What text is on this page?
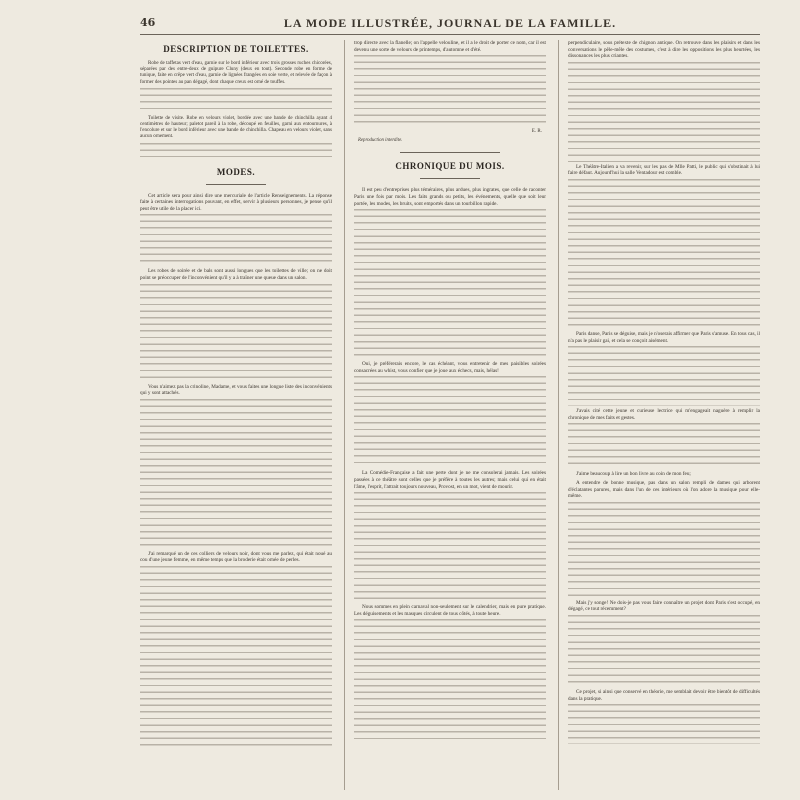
46	LA MODE ILLUSTRÉE, JOURNAL DE LA FAMILLE.
DESCRIPTION DE TOILETTES.

Robe de taffetas vert d'eau, garnie sur le bord inférieur avec trois grosses ruches chicorées, séparées par des entre-deux de guipure Cluny (deux en tout). Seconde robe en forme de tunique, faite en crêpe vert d'eau, garnie de lignées frangées en soie verte, et relevée de façon à former des pointes au pan dégagé, dont chaque creux est orné de touffes.

Toilette de visite. Robe en velours violet, bordée avec une bande de chinchilla ayant 4 centimètres de hauteur; paletot pareil à la robe, découpé en feuilles, garni aux entournures, à l'encolure et sur le bord inférieur avec une bande de chinchilla. Chapeau en velours violet, sans aucun ornement.

MODES.

Cet article sera pour ainsi dire une mercuriale de l'article Renseignements. La réponse faite à certaines interrogations pouvant, en effet, servir à plusieurs personnes, je pense qu'il peut être utile de la placer ici.

Les robes de soirée et de bals sont aussi longues que les toilettes de ville; on ne doit point se préoccuper de l'inconvénient qu'il y a à traîner une queue dans un salon.

Vous n'aimez pas la crinoline, Madame, et vous faites une longue liste des inconvénients qui y sont attachés.

J'ai remarqué un de ces colliers de velours noir, dont vous me parlez, qui était noué au cou d'une jeune femme, en même temps que la broderie était ornée de perles.

trop directe avec la flanelle; on l'appelle velouline, et il a le droit de porter ce nom, car il est devenu une sorte de velours de printemps, d'automne et d'été.

E. R.
Reproduction interdite.
CHRONIQUE DU MOIS.

Il est peu d'entreprises plus téméraires, plus ardues, plus ingrates, que celle de raconter Paris une fois par mois. Les faits grands ou petits, les événements, quelle que soit leur portée, les modes, les bruits, sont emportés dans un tourbillon rapide.

Oui, je préférerais encore, le cas échéant, vous entretenir de mes paisibles soirées consacrées au whist, vous confier que je joue aux échecs, mais, hélas!

La Comédie-Française a fait une perte dont je ne me consolerai jamais. Les soirées passées à ce théâtre sont celles que je préfère à toutes les autres; mais celui qui en était l'âme, l'esprit, l'attrait toujours nouveau, Provost, en un mot, vient de mourir.

Nous sommes en plein carnaval non-seulement sur le calendrier, mais en pure pratique. Les déguisements et les masques circulent de tous côtés, à toute heure.

perpendiculaire, sous prétexte de chignon antique. On retrouve dans les plaisirs et dans les conversations le pêle-mêle des costumes, c'est à dire les oppositions les plus heurtées, les dissonances les plus criantes.

Le Théâtre-Italien a va revenir, sur les pas de Mlle Patti, le public qui s'obstinait à lui faire défaut. Aujourd'hui la salle Ventadour est comble.

Paris danse, Paris se déguise, mais je n'oserais affirmer que Paris s'amuse. En tous cas, il n'a pas le plaisir gai, et cela se conçoit aisément.

J'avais cité cette jeune et curieuse lectrice qui m'engageait naguère à remplir la chronique de mes faits et gestes.

J'aime beaucoup à lire un bon livre au coin de mon feu;

A entendre de bonne musique, pas dans un salon rempli de dames qui arborent d'éclatantes parures, mais dans l'un de ces intérieurs où l'on adore la musique pour elle-même.

Mais j'y songe! Ne dois-je pas vous faire connaître un projet dont Paris s'est occupé, en dégagé, ce tout récemment?

Ce projet, si ainsi que conservé en théorie, me semblait devoir être bientôt de difficultés dans la pratique.
